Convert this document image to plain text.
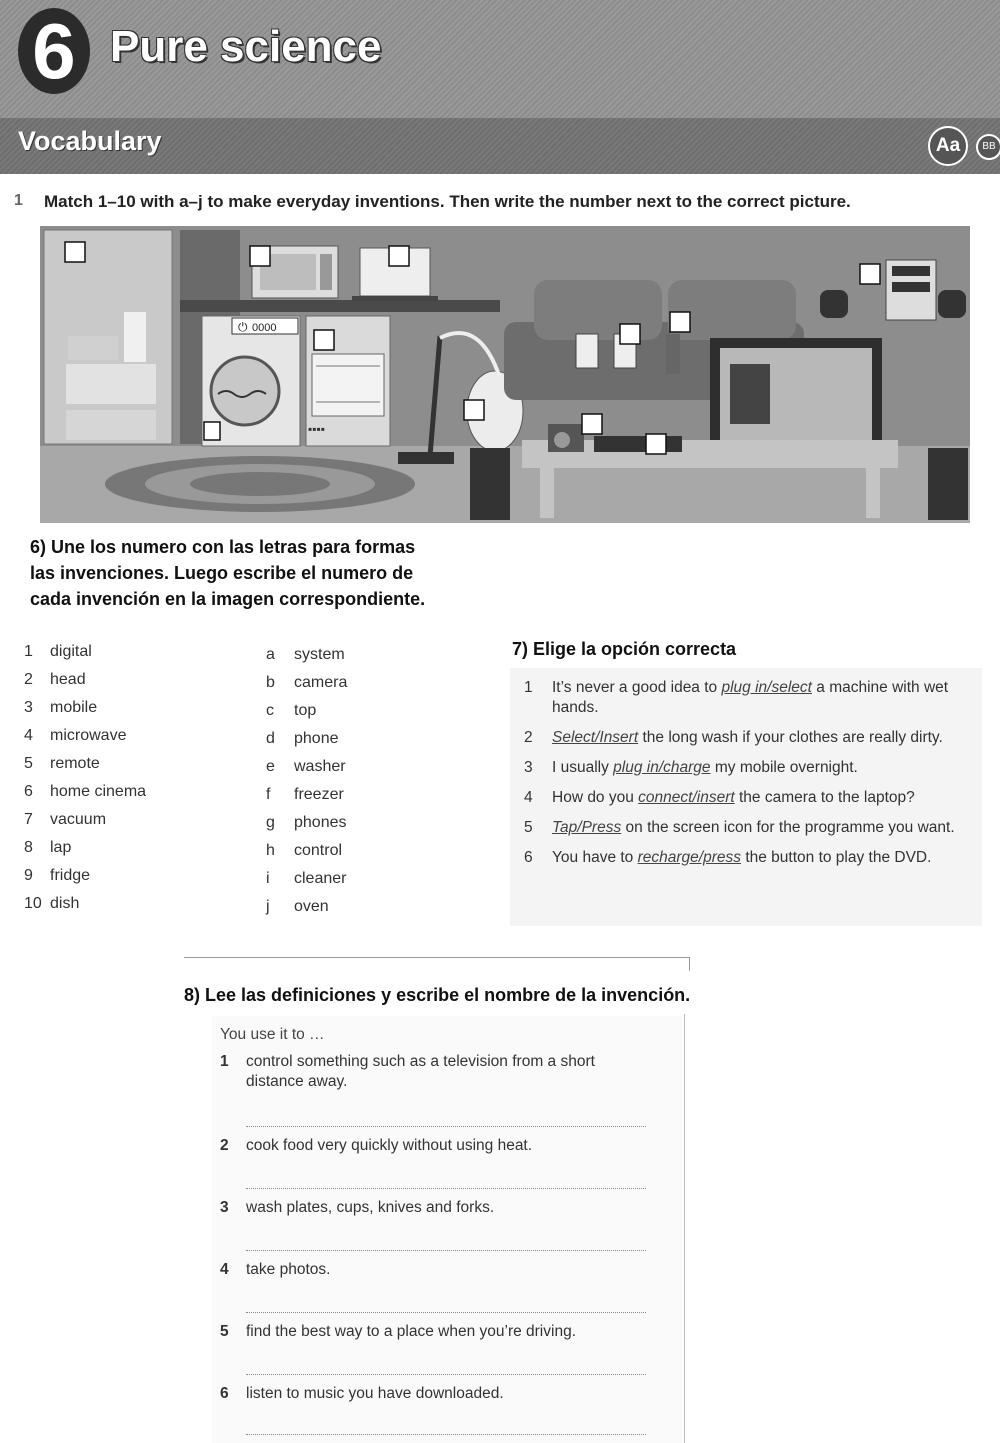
6 Pure science
Vocabulary	Aa	BB
1 Match 1–10 with a–j to make everyday inventions. Then write the number next to the correct picture.
⏻ 0000
▪▪▪▪
6) Une los numero con las letras para formas
las invenciones. Luego escribe el numero de
cada invención en la imagen correspondiente.
1	digital
2	head
3	mobile
4	microwave
5	remote
6	home cinema
7	vacuum
8	lap
9	fridge
10 dish
a	system
b	camera
c	top
d	phone
e	washer
f	freezer
g	phones
h	control
i	cleaner
j	oven
7) Elige la opción correcta
1	It’s never a good idea to plug in/select a machine with wet hands.
2	Select/Insert the long wash if your clothes are really dirty.
3	I usually plug in/charge my mobile overnight.
4	How do you connect/insert the camera to the laptop?
5	Tap/Press on the screen icon for the programme you want.
6	You have to recharge/press the button to play the DVD.
8) Lee las definiciones y escribe el nombre de la invención.
You use it to …
1	control something such as a television from a short
distance away.
2	cook food very quickly without using heat.
3	wash plates, cups, knives and forks.
4	take photos.
5	find the best way to a place when you’re driving.
6	listen to music you have downloaded.
